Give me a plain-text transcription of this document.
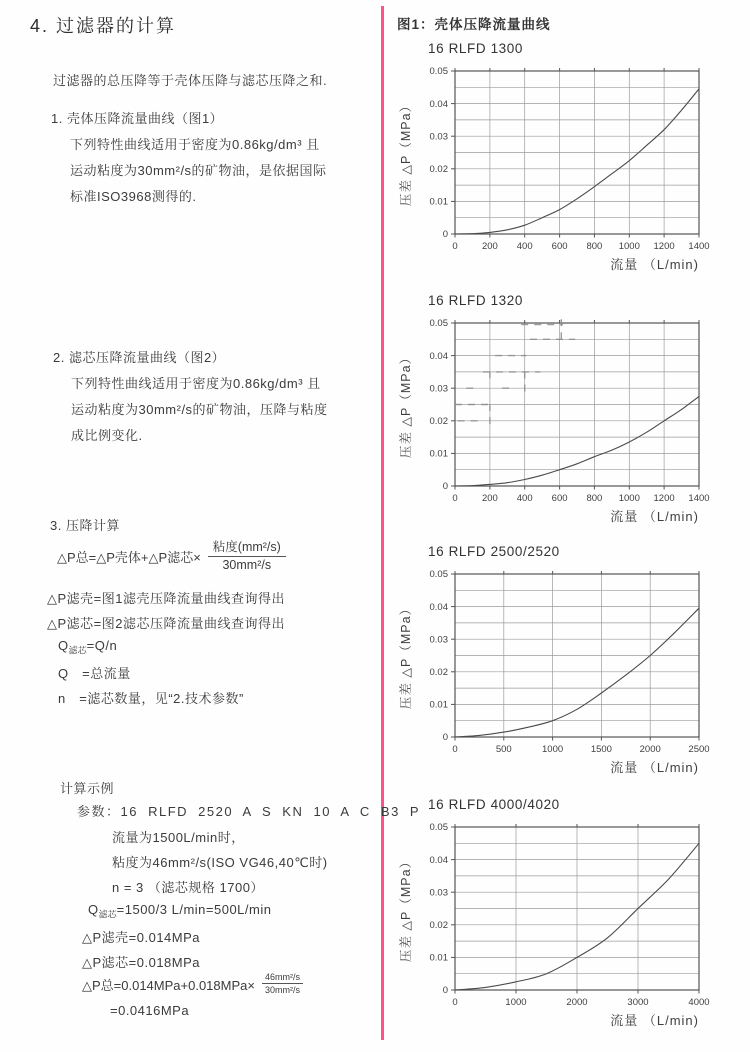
4. 过滤器的计算
过滤器的总压降等于壳体压降与滤芯压降之和.
1. 壳体压降流量曲线（图1）
下列特性曲线适用于密度为0.86kg/dm³ 且
运动粘度为30mm²/s的矿物油，是依据国际
标准ISO3968测得的.
2. 滤芯压降流量曲线（图2）
下列特性曲线适用于密度为0.86kg/dm³ 且
运动粘度为30mm²/s的矿物油，压降与粘度
成比例变化.
3. 压降计算
△P总=△P壳体+△P滤芯× $\frac{\text{粘度(mm²/s)}}{\text{30mm²/s}}$
△P滤壳=图1滤壳压降流量曲线查询得出
△P滤芯=图2滤芯压降流量曲线查询得出
$Q_{滤芯}=Q/n$
Q　=总流量
n　=滤芯数量，见“2.技术参数”
计算示例
参数：16 RLFD 2520 A S KN 10 A C B3 P
流量为1500L/min时，
粘度为46mm²/s(ISO VG46,40℃时)
n = 3 （滤芯规格 1700）
$Q_{滤芯}=1500/3$ L/min=500L/min
△P滤壳=0.014MPa
△P滤芯=0.018MPa
△P总$=0.014MPa+0.018MPa\times \frac{\text{46mm²/s}}{\text{30mm²/s}}$
=0.0416MPa
图1：壳体压降流量曲线
16 RLFD 1300
0	200 400 600 800 1000 1200 1400
0
0.01
0.02
0.03
0.04
0.05
流量 （L/min)
压差 △P（MPa）
16 RLFD 1320
0	200 400 600 800 1000 1200 1400
0
0.01
0.02
0.03
0.04
0.05
流量 （L/min)
压差 △P（MPa）
16 RLFD 2500/2520
0	500	1000	1500	2000	2500
0
0.01
0.02
0.03
0.04
0.05
流量 （L/min)
压差 △P（MPa）
16 RLFD 4000/4020
0	1000	2000	3000	4000
0
0.01
0.02
0.03
0.04
0.05
流量 （L/min)
压差 △P（MPa）
